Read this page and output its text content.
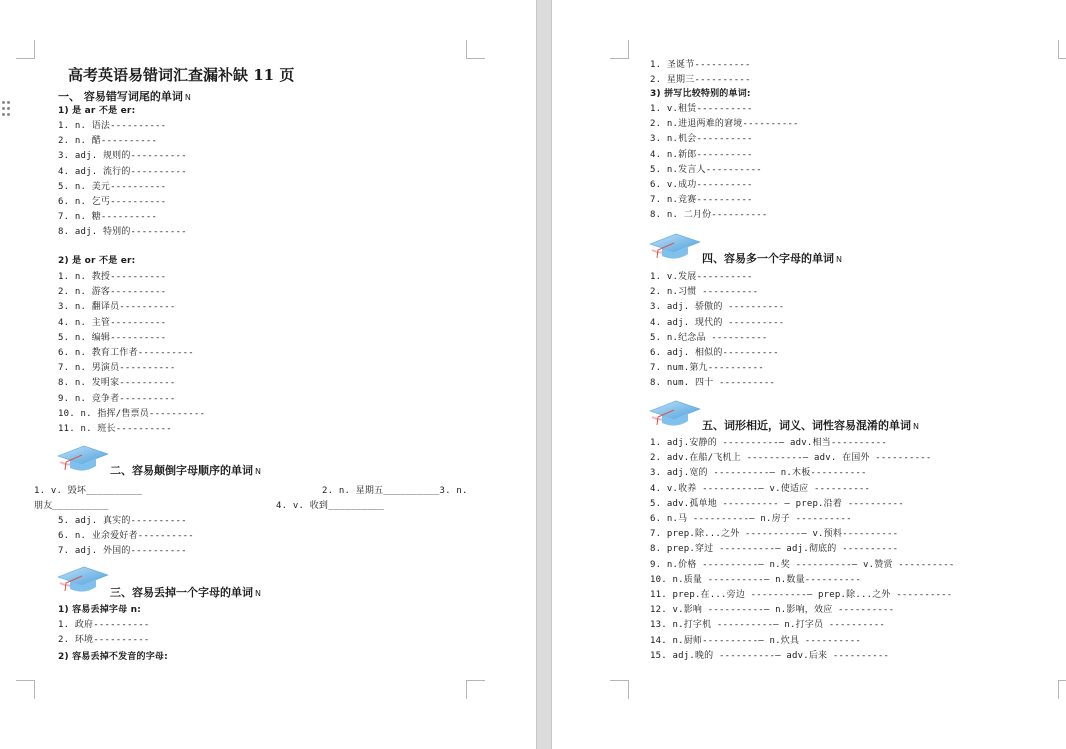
高考英语易错词汇查漏补缺 11 页
一、 容易错写词尾的单词 N
1) 是 ar 不是 er:
1. n. 语法----------
2. n. 醋----------
3. adj. 规则的----------
4. adj. 流行的----------
5. n. 美元----------
6. n. 乞丐----------
7. n. 糖----------
8. adj. 特别的----------
2) 是 or 不是 er:
1. n. 教授----------
2. n. 游客----------
3. n. 翻译员----------
4. n. 主管----------
5. n. 编辑----------
6. n. 教育工作者----------
7. n. 男演员----------
8. n. 发明家----------
9. n. 竞争者----------
10. n. 指挥/售票员----------
11. n. 班长----------
二、容易颠倒字母顺序的单词 N
1. v. 毁坏__________	2. n. 星期五__________3. n.
朋友__________	4. v. 收到__________
5. adj. 真实的----------
6. n. 业余爱好者----------
7. adj. 外国的----------
三、容易丢掉一个字母的单词 N
1) 容易丢掉字母 n:
1. 政府----------
2. 环境----------
2) 容易丢掉不发音的字母:
1. 圣诞节----------
2. 星期三----------
3) 拼写比较特别的单词:
1. v.租赁----------
2. n.进退两难的窘境----------
3. n.机会----------
4. n.新郎----------
5. n.发言人----------
6. v.成功----------
7. n.竞赛----------
8. n. 二月份----------
四、容易多一个字母的单词 N
1. v.发展----------
2. n.习惯 ----------
3. adj. 骄傲的 ----------
4. adj. 现代的 ----------
5. n.纪念品 ----------
6. adj. 相似的----------
7. num.第九----------
8. num. 四十 ----------
五、词形相近，词义、词性容易混淆的单词 N
1. adj.安静的 ----------— adv.相当----------
2. adv.在船/飞机上 ----------— adv. 在国外 ----------
3. adj.宽的 ----------— n.木板----------
4. v.收养 ----------— v.使适应 ----------
5. adv.孤单地 ---------- — prep.沿着 ----------
6. n.马 ----------— n.房子 ----------
7. prep.除...之外 ----------— v.预料----------
8. prep.穿过 ----------— adj.彻底的 ----------
9. n.价格 ----------— n.奖 ----------— v.赞赏 ----------
10. n.质量 ----------— n.数量----------
11. prep.在...旁边 ----------— prep.除...之外 ----------
12. v.影响 ----------— n.影响，效应 ----------
13. n.打字机 ----------— n.打字员 ----------
14. n.厨师----------— n.炊具 ----------
15. adj.晚的 ----------— adv.后来 ----------
